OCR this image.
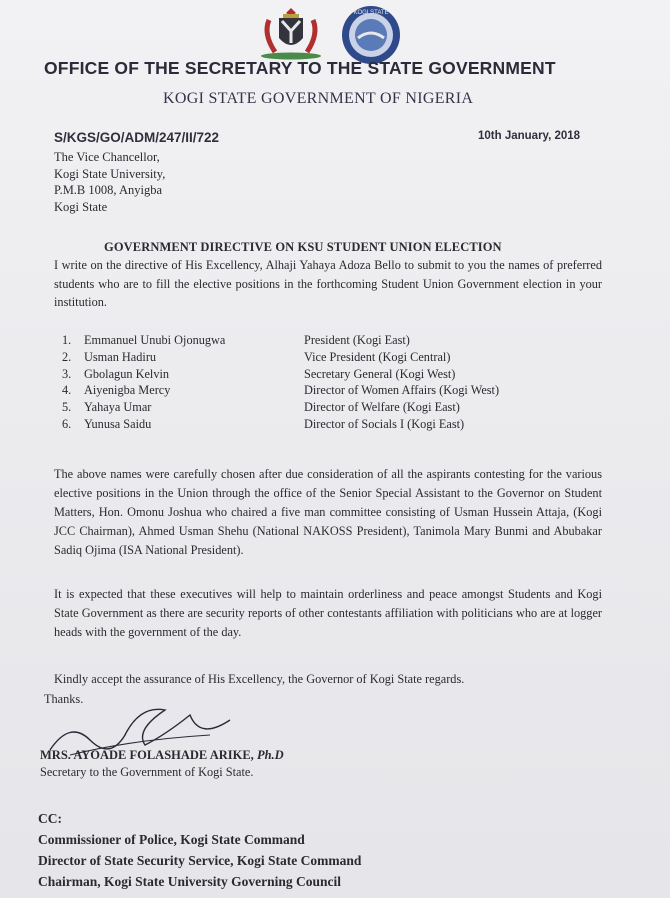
KOGI STATE
OFFICE OF THE SECRETARY TO THE STATE GOVERNMENT
KOGI STATE GOVERNMENT OF NIGERIA
S/KGS/GO/ADM/247/II/722	10th January, 2018
The Vice Chancellor,
Kogi State University,
P.M.B 1008, Anyigba
Kogi State
GOVERNMENT DIRECTIVE ON KSU STUDENT UNION ELECTION
I write on the directive of His Excellency, Alhaji Yahaya Adoza Bello to submit to you the names of preferred students who are to fill the elective positions in the forthcoming Student Union Government election in your institution.
1. Emmanuel Unubi Ojonugwa	President (Kogi East)
2. Usman Hadiru	Vice President (Kogi Central)
3. Gbolagun Kelvin	Secretary General (Kogi West)
4. Aiyenigba Mercy	Director of Women Affairs (Kogi West)
5. Yahaya Umar	Director of Welfare (Kogi East)
6. Yunusa Saidu	Director of Socials I (Kogi East)
The above names were carefully chosen after due consideration of all the aspirants contesting for the various elective positions in the Union through the office of the Senior Special Assistant to the Governor on Student Matters, Hon. Omonu Joshua who chaired a five man committee consisting of Usman Hussein Attaja, (Kogi JCC Chairman), Ahmed Usman Shehu (National NAKOSS President), Tanimola Mary Bunmi and Abubakar Sadiq Ojima (ISA National President).
It is expected that these executives will help to maintain orderliness and peace amongst Students and Kogi State Government as there are security reports of other contestants affiliation with politicians who are at logger heads with the government of the day.
Kindly accept the assurance of His Excellency, the Governor of Kogi State regards.
Thanks.
MRS. AYOADE FOLASHADE ARIKE, Ph.D
Secretary to the Government of Kogi State.
CC:
Commissioner of Police, Kogi State Command
Director of State Security Service, Kogi State Command
Chairman, Kogi State University Governing Council
